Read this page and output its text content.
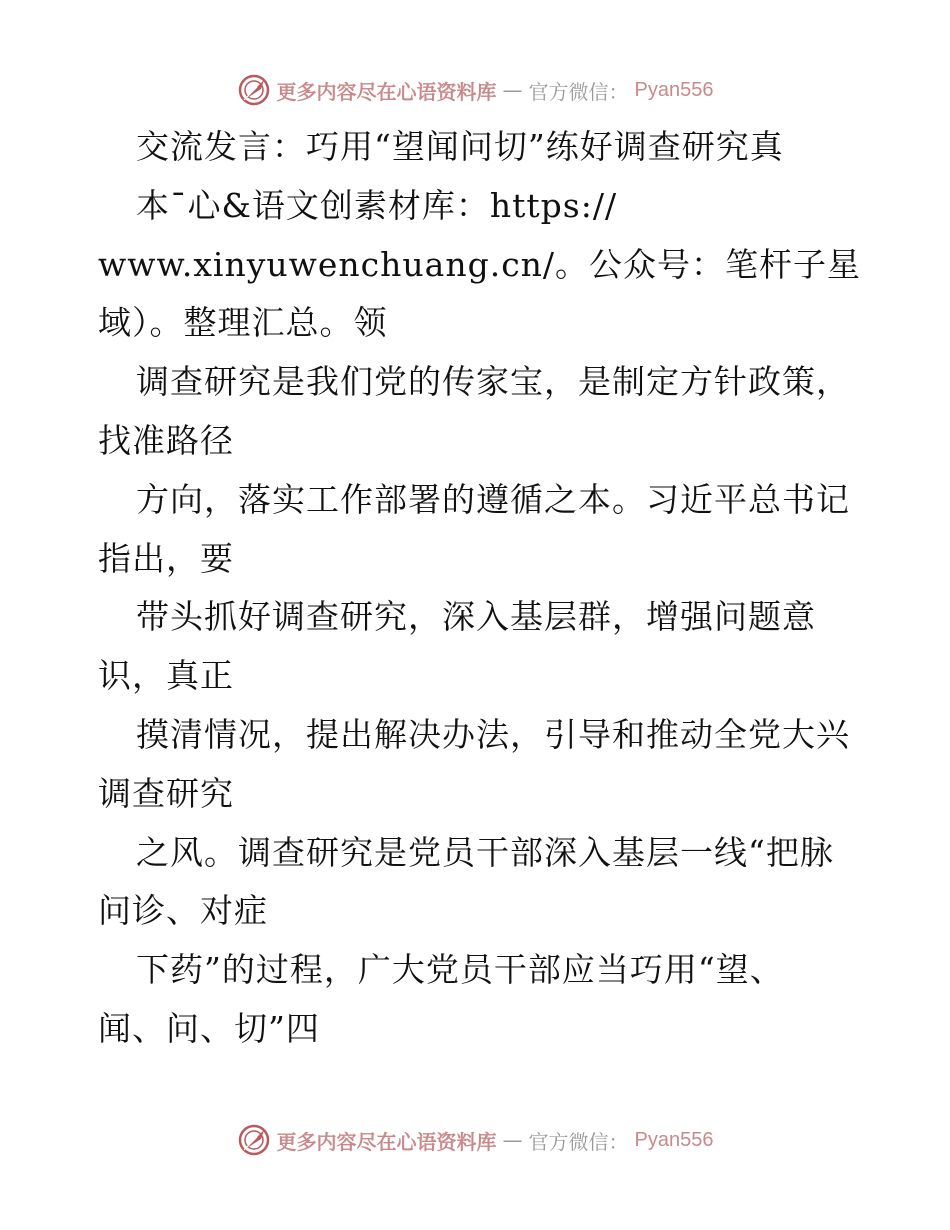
更多内容尽在心语资料库 — 官方微信： Pyan556
交流发言：巧用“望闻问切”练好调查研究真
本¯心&语文创素材库：https://
www.xinyuwenchuang.cn/。公众号：笔杆子星
域）。整理汇总。领
调查研究是我们党的传家宝，是制定方针政策，
找准路径
方向，落实工作部署的遵循之本。习近平总书记
指出，要
带头抓好调查研究，深入基层群，增强问题意
识，真正
摸清情况，提出解决办法，引导和推动全党大兴
调查研究
之风。调查研究是党员干部深入基层一线“把脉
问诊、对症
下药”的过程，广大党员干部应当巧用“望、
闻、问、切”四
更多内容尽在心语资料库 — 官方微信： Pyan556
